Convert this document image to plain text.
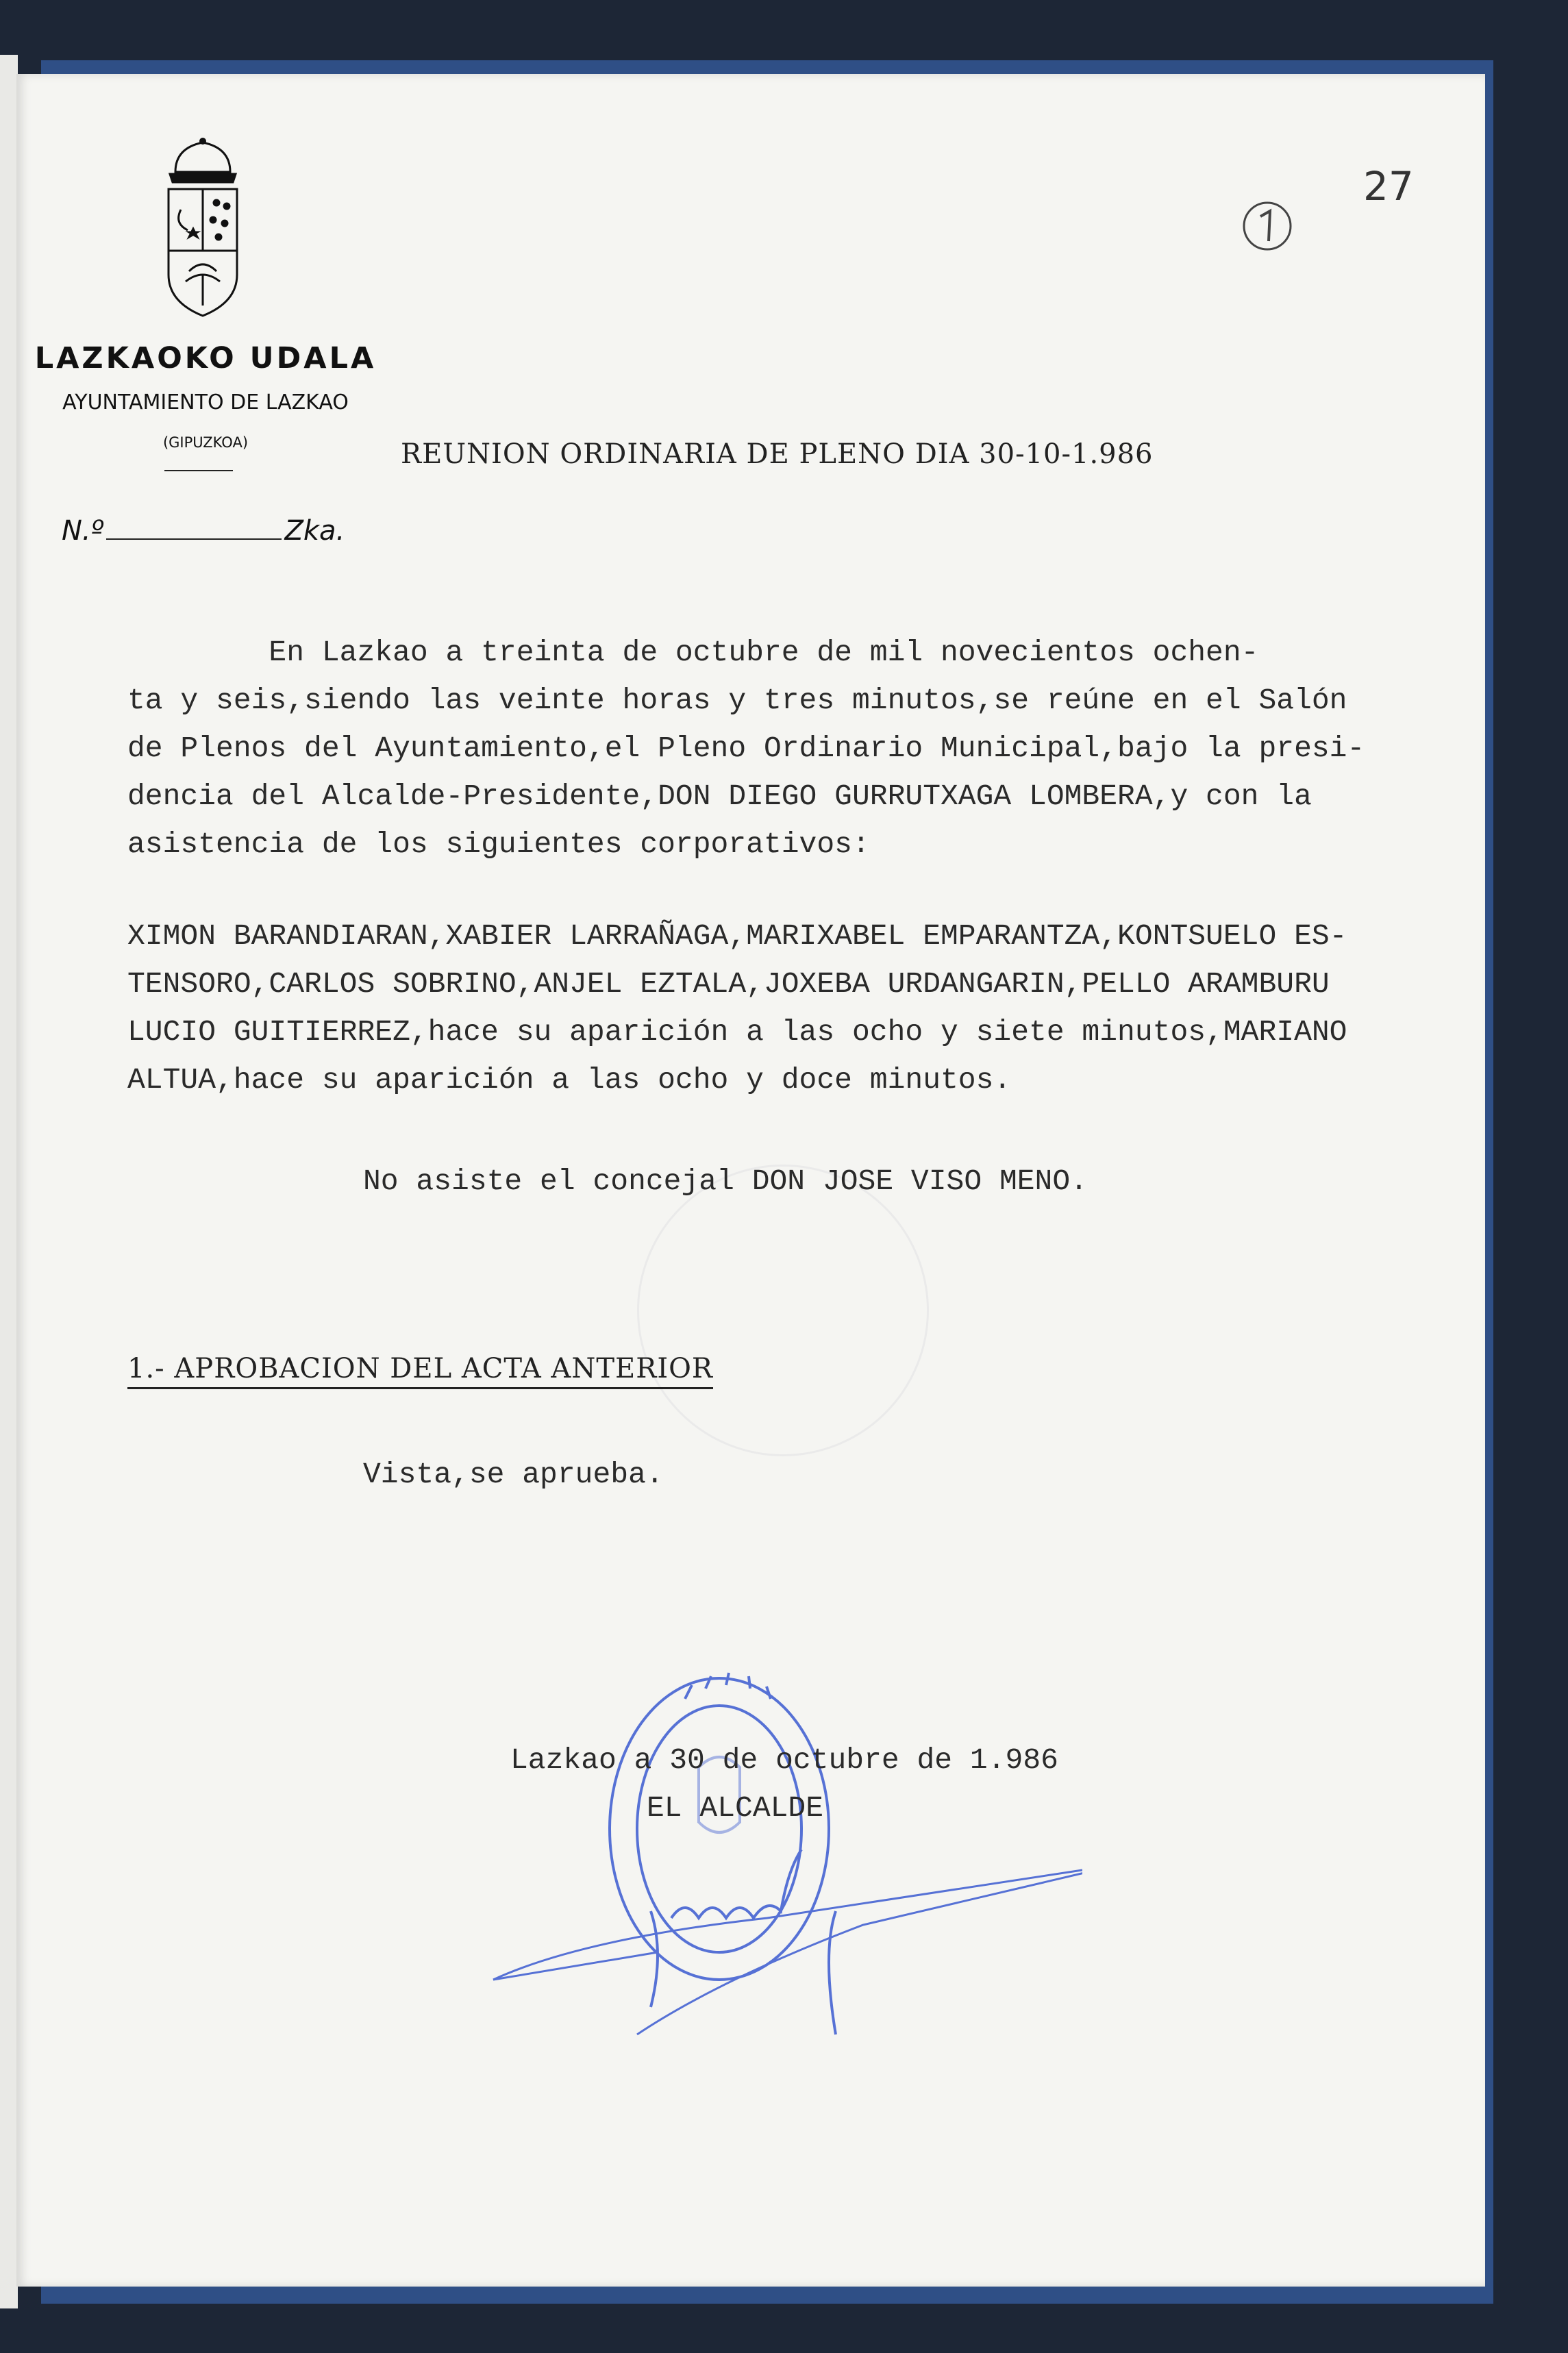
LAZKAOKO UDALA
AYUNTAMIENTO DE LAZKAO
(GIPUZKOA)
N.º	Zka.
REUNION ORDINARIA DE PLENO DIA 30-10-1.986
27
En Lazkao a treinta de octubre de mil novecientos ochen-
ta y seis,siendo las veinte horas y tres minutos,se reúne en el Salón
de Plenos del Ayuntamiento,el Pleno Ordinario Municipal,bajo la presi-
dencia del Alcalde-Presidente,DON DIEGO GURRUTXAGA LOMBERA,y con la
asistencia de los siguientes corporativos:
XIMON BARANDIARAN,XABIER LARRAÑAGA,MARIXABEL EMPARANTZA,KONTSUELO ES-
TENSORO,CARLOS SOBRINO,ANJEL EZTALA,JOXEBA URDANGARIN,PELLO ARAMBURU
LUCIO GUITIERREZ,hace su aparición a las ocho y siete minutos,MARIANO
ALTUA,hace su aparición a las ocho y doce minutos.
No asiste el concejal DON JOSE VISO MENO.
1.- APROBACION DEL ACTA ANTERIOR
Vista,se aprueba.
Lazkao a 30 de octubre de 1.986
EL ALCALDE
